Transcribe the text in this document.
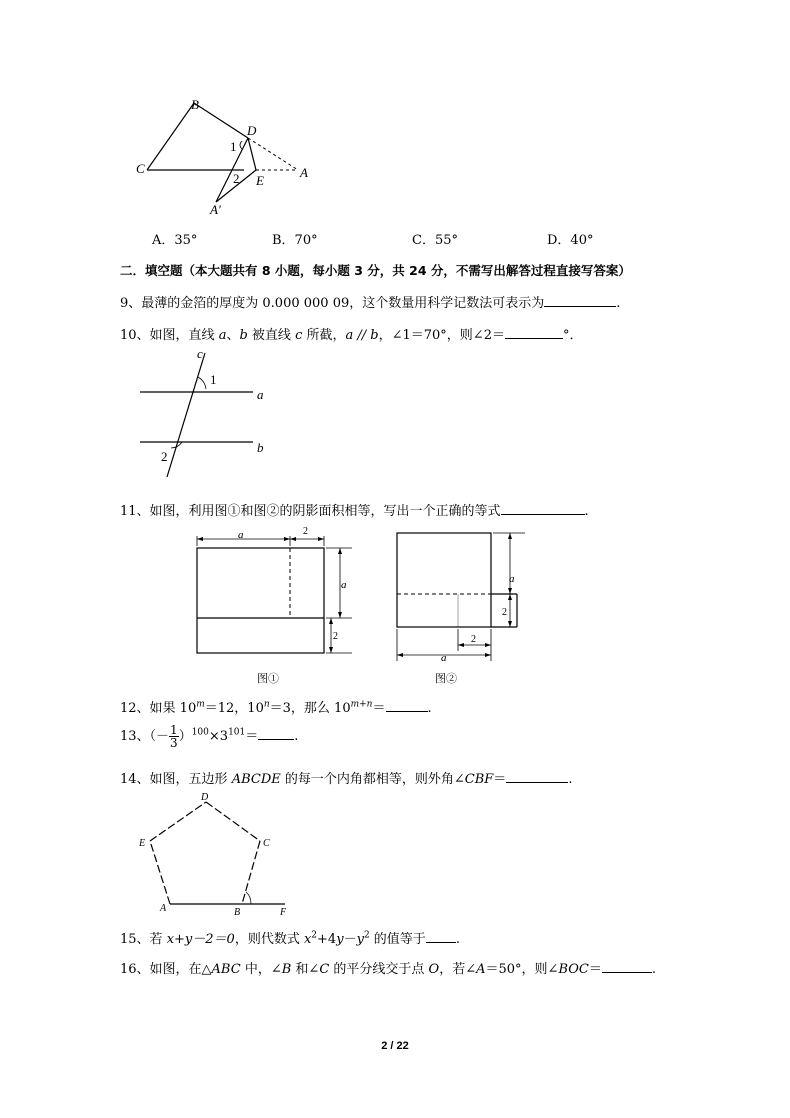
B
D
C	A
E
A′
1
2
A．35°	B．70°	C．55°	D．40°
二．填空题（本大题共有 8 小题，每小题 3 分，共 24 分，不需写出解答过程直接写答案）
9、最薄的金箔的厚度为 0.000 000 09，这个数量用科学记数法可表示为	.
10、如图，直线 a、b 被直线 c 所截，a // b，∠1＝70°，则∠2＝	°．
c
1
a
b
2
11、如图，利用图①和图②的阴影面积相等，写出一个正确的等式	.
a	2
a
2
图①
a
2
2
a
图②
12、如果 $10^m=12$，$10^n=3$，那么 $10^{m+n}=$	.
13、（－ $\frac{1}{3} )^{100}\times 3^{101}=$	.
14、如图，五边形 ABCDE 的每一个内角都相等，则外角∠CBF＝	.
D
E	C
A	B	F
15、若 x+y－2＝0，则代数式 $x^2+4y-y^2$ 的值等于 .
16、如图，在△ABC 中，∠B 和∠C 的平分线交于点 O，若∠A＝50°，则∠BOC＝	.
2 / 22
